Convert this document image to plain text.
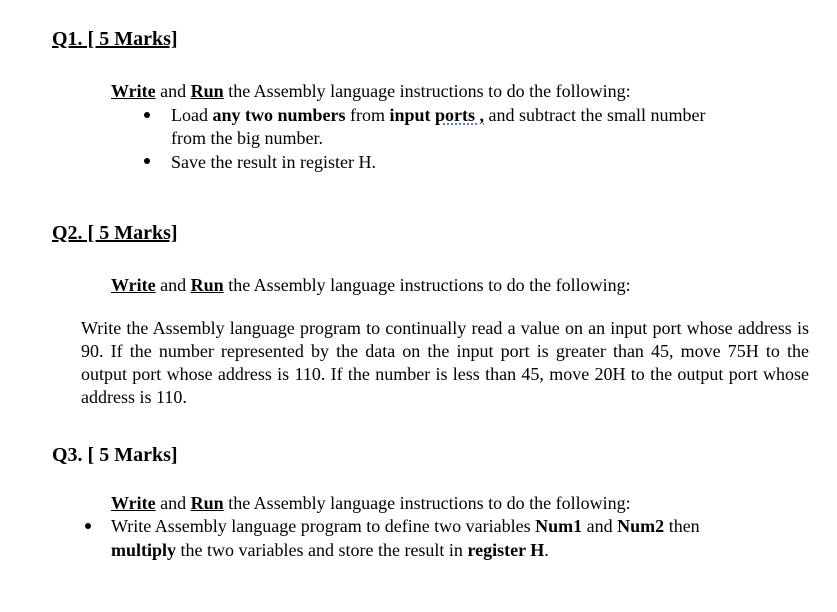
Q1. [ 5 Marks]
Write and Run the Assembly language instructions to do the following:
Load any two numbers from input ports , and subtract the small number
from the big number.
Save the result in register H.
Q2. [ 5 Marks]
Write and Run the Assembly language instructions to do the following:
Write the Assembly language program to continually read a value on an input port whose address is 90. If the number represented by the data on the input port is greater than 45, move 75H to the output port whose address is 110. If the number is less than 45, move 20H to the output port whose address is 110.
Q3. [ 5 Marks]
Write and Run the Assembly language instructions to do the following:
Write Assembly language program to define two variables Num1 and Num2 then
multiply the two variables and store the result in register H.
